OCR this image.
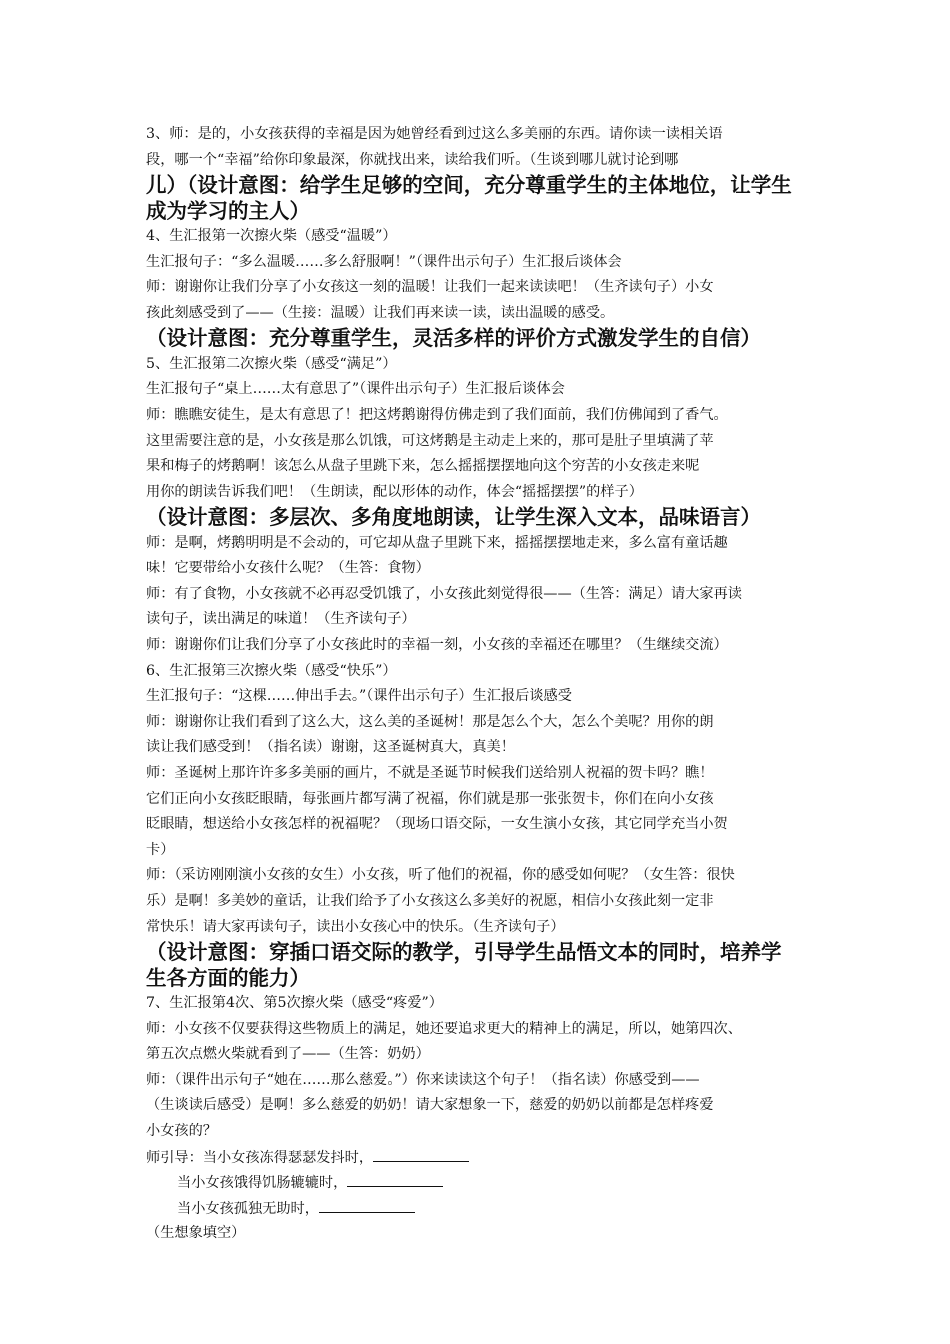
3、师：是的，小女孩获得的幸福是因为她曾经看到过这么多美丽的东西。请你读一读相关语
段，哪一个“幸福”给你印象最深，你就找出来，读给我们听。（生谈到哪儿就讨论到哪
儿）（设计意图：给学生足够的空间，充分尊重学生的主体地位，让学生
成为学习的主人）
4、生汇报第一次擦火柴（感受“温暖”）
生汇报句子：“多么温暖……多么舒服啊！”（课件出示句子）生汇报后谈体会
师：谢谢你让我们分享了小女孩这一刻的温暖！让我们一起来读读吧！（生齐读句子）小女
孩此刻感受到了——（生接：温暖）让我们再来读一读，读出温暖的感受。
（设计意图：充分尊重学生，灵活多样的评价方式激发学生的自信）
5、生汇报第二次擦火柴（感受“满足”）
生汇报句子“桌上……太有意思了”（课件出示句子）生汇报后谈体会
师：瞧瞧安徒生，是太有意思了！把这烤鹅谢得仿佛走到了我们面前，我们仿佛闻到了香气。
这里需要注意的是，小女孩是那么饥饿，可这烤鹅是主动走上来的，那可是肚子里填满了苹
果和梅子的烤鹅啊！该怎么从盘子里跳下来，怎么摇摇摆摆地向这个穷苦的小女孩走来呢
用你的朗读告诉我们吧！（生朗读，配以形体的动作，体会“摇摇摆摆”的样子）
（设计意图：多层次、多角度地朗读，让学生深入文本，品味语言）
师：是啊，烤鹅明明是不会动的，可它却从盘子里跳下来，摇摇摆摆地走来，多么富有童话趣
味！它要带给小女孩什么呢？（生答：食物）
师：有了食物，小女孩就不必再忍受饥饿了，小女孩此刻觉得很——（生答：满足）请大家再读
读句子，读出满足的味道！（生齐读句子）
师：谢谢你们让我们分享了小女孩此时的幸福一刻，小女孩的幸福还在哪里？（生继续交流）
6、生汇报第三次擦火柴（感受“快乐”）
生汇报句子：“这棵……伸出手去。”（课件出示句子）生汇报后谈感受
师：谢谢你让我们看到了这么大，这么美的圣诞树！那是怎么个大，怎么个美呢？用你的朗
读让我们感受到！（指名读）谢谢，这圣诞树真大，真美！
师：圣诞树上那许许多多美丽的画片，不就是圣诞节时候我们送给别人祝福的贺卡吗？瞧！
它们正向小女孩眨眼睛，每张画片都写满了祝福，你们就是那一张张贺卡，你们在向小女孩
眨眼睛，想送给小女孩怎样的祝福呢？（现场口语交际，一女生演小女孩，其它同学充当小贺
卡）
师：（采访刚刚演小女孩的女生）小女孩，听了他们的祝福，你的感受如何呢？（女生答：很快
乐）是啊！多美妙的童话，让我们给予了小女孩这么多美好的祝愿，相信小女孩此刻一定非
常快乐！请大家再读句子，读出小女孩心中的快乐。（生齐读句子）
（设计意图：穿插口语交际的教学，引导学生品悟文本的同时，培养学
生各方面的能力）
7、生汇报第4次、第5次擦火柴（感受“疼爱”）
师：小女孩不仅要获得这些物质上的满足，她还要追求更大的精神上的满足，所以，她第四次、
第五次点燃火柴就看到了——（生答：奶奶）
师：（课件出示句子“她在……那么慈爱。”）你来读读这个句子！（指名读）你感受到——
（生谈读后感受）是啊！多么慈爱的奶奶！请大家想象一下，慈爱的奶奶以前都是怎样疼爱
小女孩的？
师引导：当小女孩冻得瑟瑟发抖时，
当小女孩饿得饥肠辘辘时，
当小女孩孤独无助时，
（生想象填空）
